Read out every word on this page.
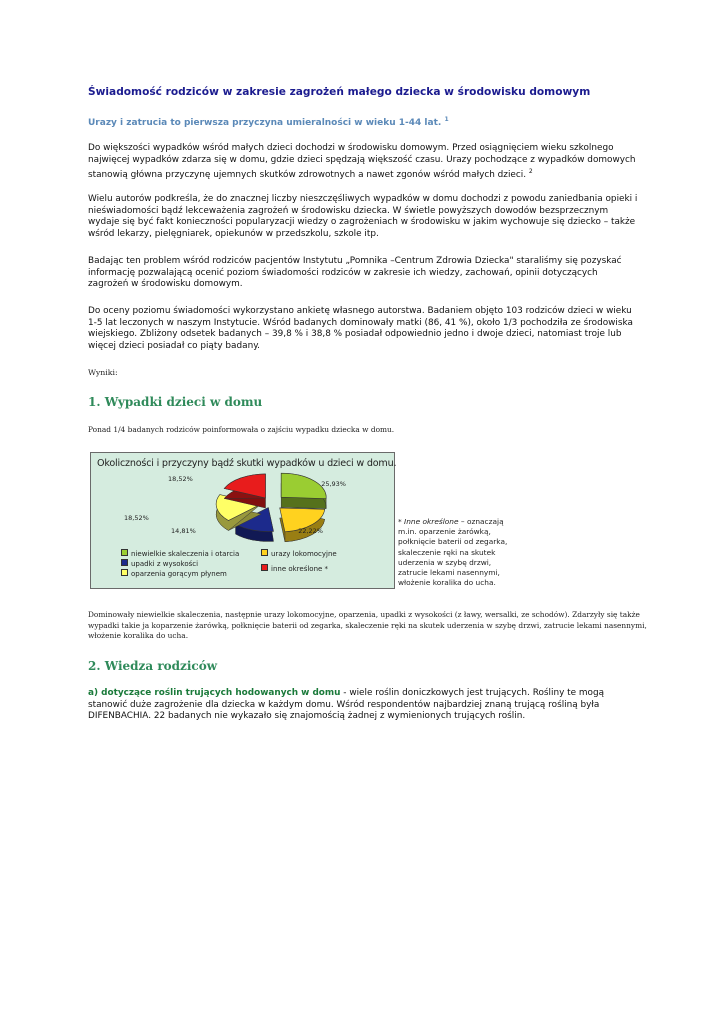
Świadomość rodziców w zakresie zagrożeń małego dziecka w środowisku domowym
Urazy i zatrucia to pierwsza przyczyna umieralności w wieku 1-44 lat. $^1$
Do większości wypadków wśród małych dzieci dochodzi w środowisku domowym. Przed osiągnięciem wieku szkolnego najwięcej wypadków zdarza się w domu, gdzie dzieci spędzają większość czasu. Urazy pochodzące z wypadków domowych stanowią główna przyczynę ujemnych skutków zdrowotnych a nawet zgonów wśród małych dzieci. $^2$
Wielu autorów podkreśla, że do znacznej liczby nieszczęśliwych wypadków w domu dochodzi z powodu zaniedbania opieki i nieświadomości bądź lekceważenia zagrożeń w środowisku dziecka. W świetle powyższych dowodów bezsprzecznym wydaje się być fakt konieczności popularyzacji wiedzy o zagrożeniach w środowisku w jakim wychowuje się dziecko – także wśród lekarzy, pielęgniarek, opiekunów w przedszkolu, szkole itp.
Badając ten problem wśród rodziców pacjentów Instytutu „Pomnika –Centrum Zdrowia Dziecka" staraliśmy się pozyskać informację pozwalającą ocenić poziom świadomości rodziców w zakresie ich wiedzy, zachowań, opinii dotyczących zagrożeń w środowisku domowym.
Do oceny poziomu świadomości wykorzystano ankietę własnego autorstwa. Badaniem objęto 103 rodziców dzieci w wieku 1-5 lat leczonych w naszym Instytucie. Wśród badanych dominowały matki (86, 41 %), około 1/3 pochodziła ze środowiska wiejskiego. Zbliżony odsetek badanych – 39,8 % i 38,8 % posiadał odpowiednio jedno i dwoje dzieci, natomiast troje lub więcej dzieci posiadał co piąty badany.
Wyniki:
1. Wypadki dzieci w domu
Ponad 1/4 badanych rodziców poinformowała o zajściu wypadku dziecka w domu.
Okoliczności i przyczyny bądź skutki wypadków u dzieci w domu.
25,93%
22,22%
14,81%
18,52%
18,52%
niewielkie skaleczenia i otarcia	urazy lokomocyjne
upadki z wysokości
inne określone *
oparzenia gorącym płynem
* Inne określone – oznaczają m.in. oparzenie żarówką, połknięcie baterii od zegarka, skaleczenie ręki na skutek uderzenia w szybę drzwi, zatrucie lekami nasennymi, włożenie koralika do ucha.
Dominowały niewielkie skaleczenia, następnie urazy lokomocyjne, oparzenia, upadki z wysokości (z ławy, wersalki, ze schodów). Zdarzyły się także wypadki takie ja koparzenie żarówką, połknięcie baterii od zegarka, skaleczenie ręki na skutek uderzenia w szybę drzwi, zatrucie lekami nasennymi, włożenie koralika do ucha.
2. Wiedza rodziców
a) dotyczące roślin trujących hodowanych w domu - wiele roślin doniczkowych jest trujących. Rośliny te mogą stanowić duże zagrożenie dla dziecka w każdym domu. Wśród respondentów najbardziej znaną trującą rośliną była DIFENBACHIA. 22 badanych nie wykazało się znajomością żadnej z wymienionych trujących roślin.
